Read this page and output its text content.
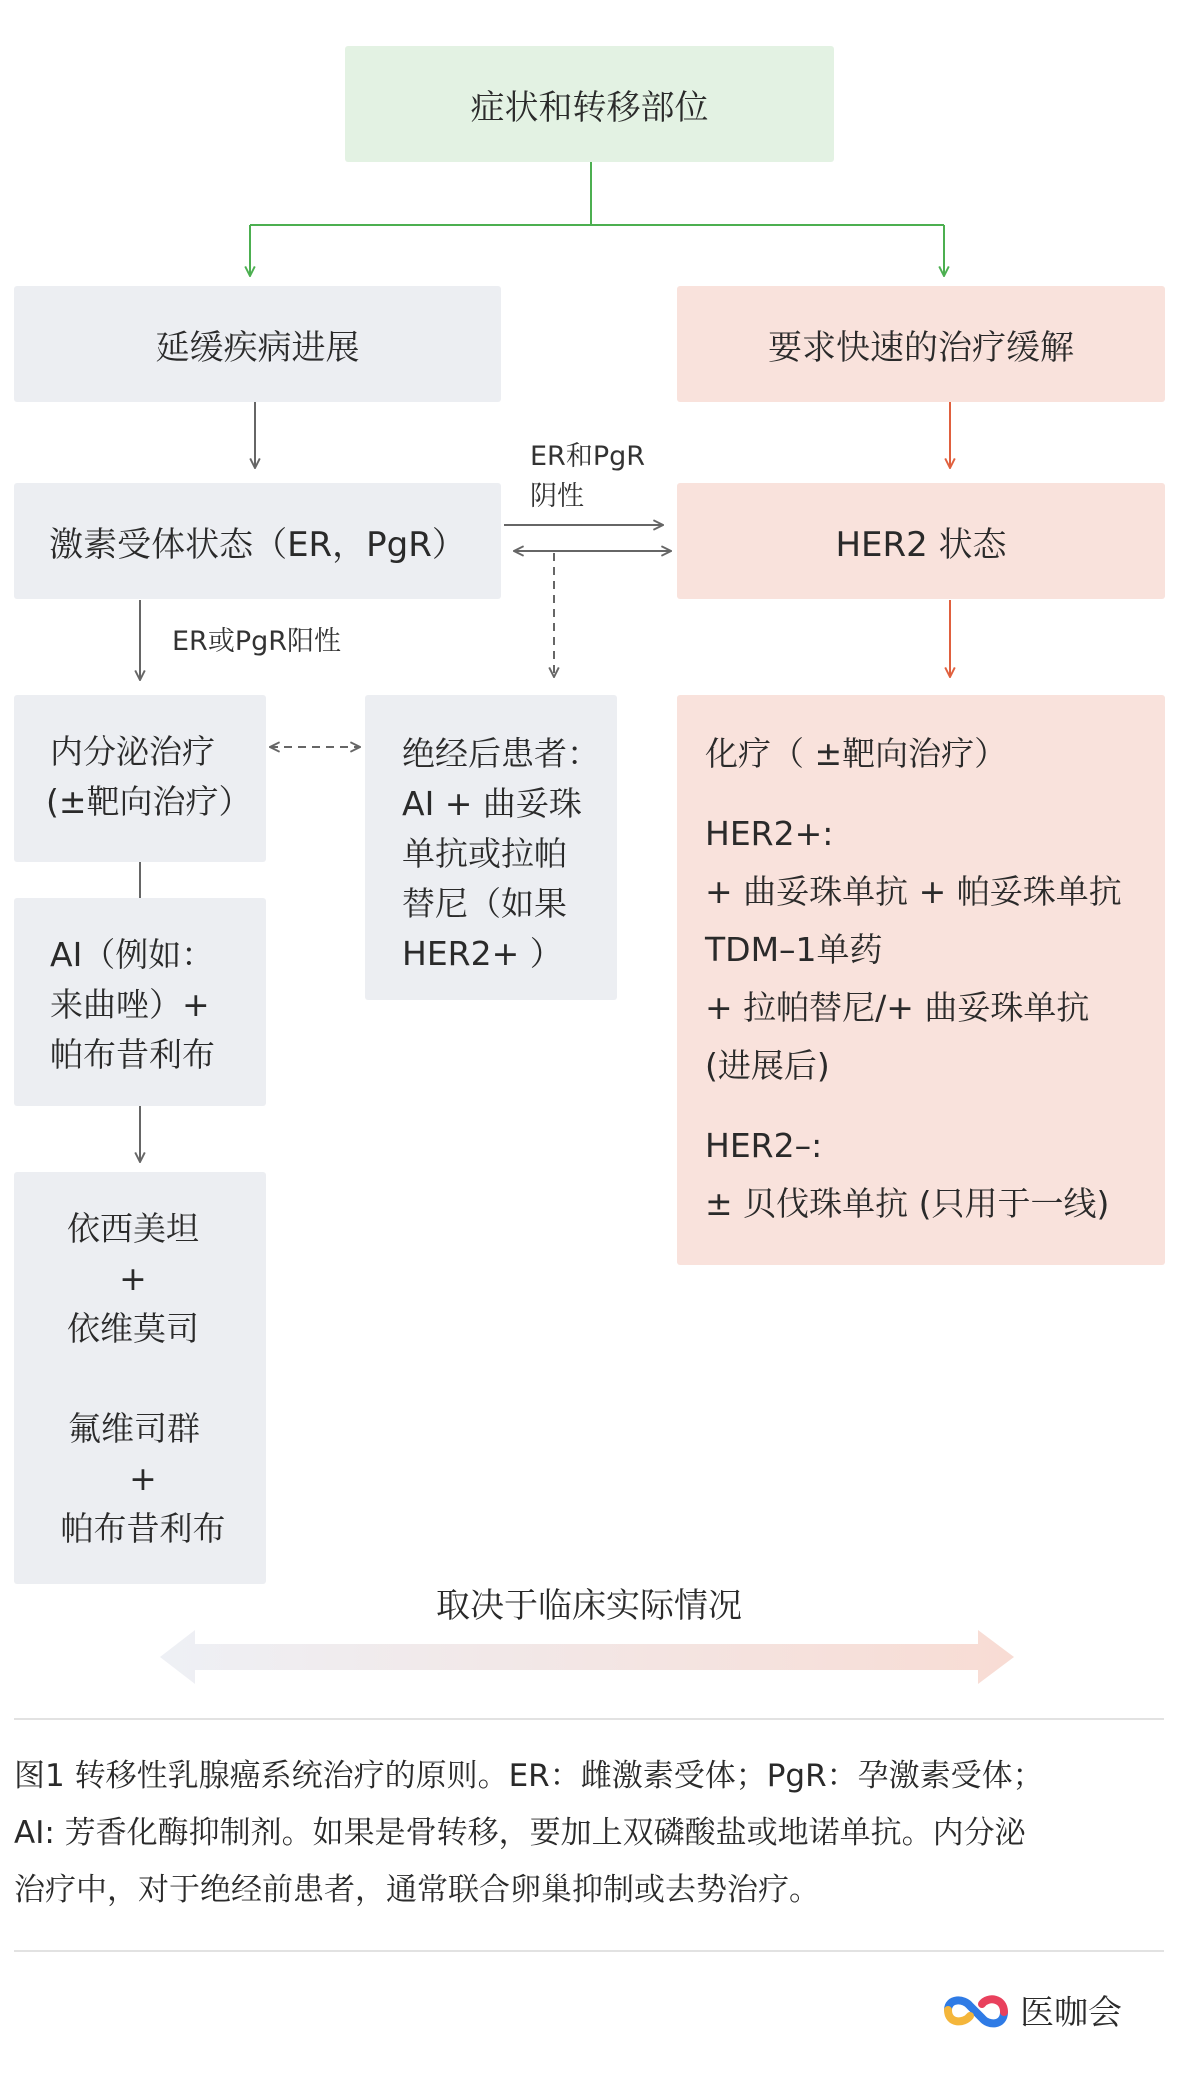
症状和转移部位
延缓疾病进展	要求快速的治疗缓解
激素受体状态（ER，PgR）	HER2 状态
ER和PgR
阴性
ER或PgR阳性
内分泌治疗
(±靶向治疗）
绝经后患者：
AI + 曲妥珠
单抗或拉帕
替尼（如果
HER2+ ）
AI（例如：
来曲唑）+
帕布昔利布
依西美坦
+
依维莫司
氟维司群
+
帕布昔利布
化疗（ ±靶向治疗）
HER2+:
+ 曲妥珠单抗 + 帕妥珠单抗
TDM–1单药
+ 拉帕替尼/+ 曲妥珠单抗
(进展后)
HER2–:
± 贝伐珠单抗 (只用于一线)
取决于临床实际情况
图1 转移性乳腺癌系统治疗的原则。ER：雌激素受体；PgR：孕激素受体；
AI: 芳香化酶抑制剂。如果是骨转移，要加上双磷酸盐或地诺单抗。内分泌
治疗中，对于绝经前患者，通常联合卵巢抑制或去势治疗。
医咖会
